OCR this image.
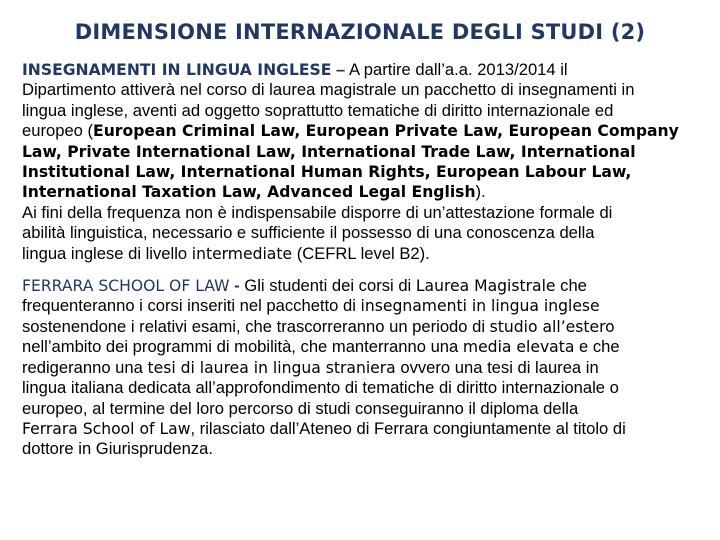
DIMENSIONE INTERNAZIONALE DEGLI STUDI (2)
INSEGNAMENTI IN LINGUA INGLESE – A partire dall’a.a. 2013/2014 il
Dipartimento attiverà nel corso di laurea magistrale un pacchetto di insegnamenti in
lingua inglese, aventi ad oggetto soprattutto tematiche di diritto internazionale ed
europeo (European Criminal Law, European Private Law, European Company
Law, Private International Law, International Trade Law, International
Institutional Law, International Human Rights, European Labour Law,
International Taxation Law, Advanced Legal English).
Ai fini della frequenza non è indispensabile disporre di un’attestazione formale di
abilità linguistica, necessario e sufficiente il possesso di una conoscenza della
lingua inglese di livello intermediate (CEFRL level B2).
FERRARA SCHOOL OF LAW - Gli studenti dei corsi di Laurea Magistrale che
frequenteranno i corsi inseriti nel pacchetto di insegnamenti in lingua inglese
sostenendone i relativi esami, che trascorreranno un periodo di studio all’estero
nell’ambito dei programmi di mobilità, che manterranno una media elevata e che
redigeranno una tesi di laurea in lingua straniera ovvero una tesi di laurea in
lingua italiana dedicata all’approfondimento di tematiche di diritto internazionale o
europeo, al termine del loro percorso di studi conseguiranno il diploma della
Ferrara School of Law, rilasciato dall’Ateneo di Ferrara congiuntamente al titolo di
dottore in Giurisprudenza.
